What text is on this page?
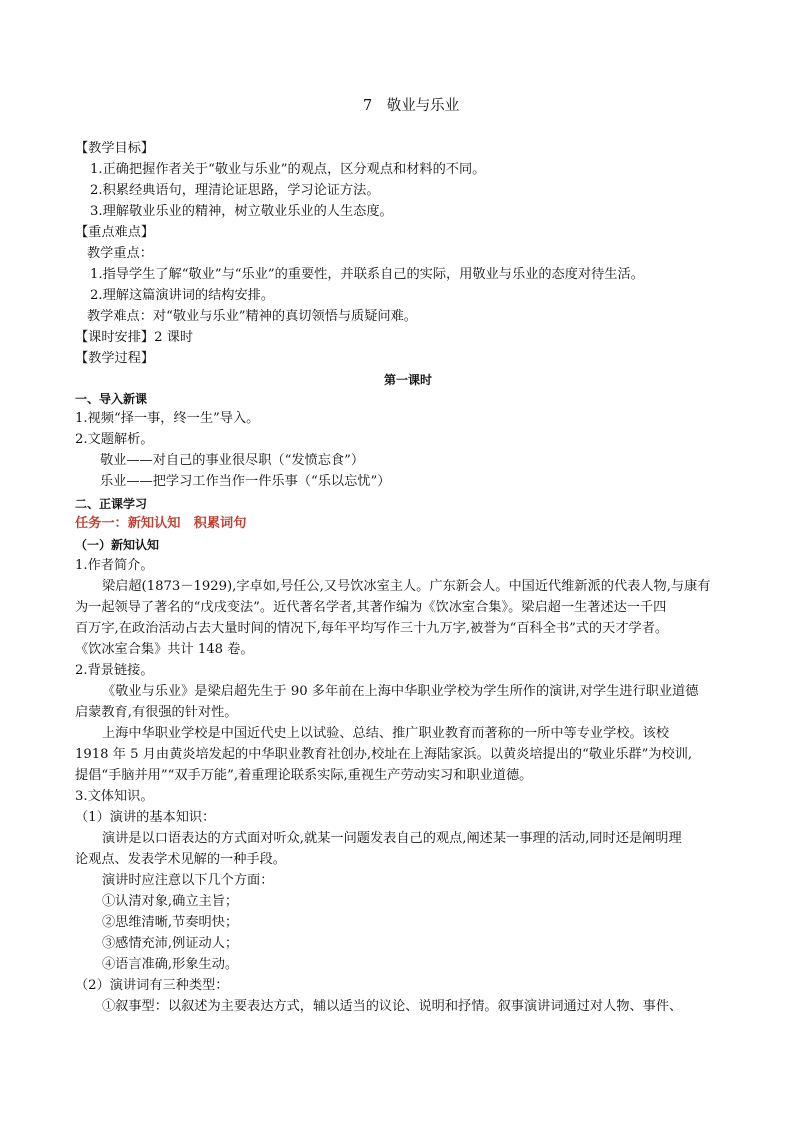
7　敬业与乐业
【教学目标】
1.正确把握作者关于“敬业与乐业”的观点，区分观点和材料的不同。
2.积累经典语句，理清论证思路，学习论证方法。
3.理解敬业乐业的精神，树立敬业乐业的人生态度。
【重点难点】
教学重点：
1.指导学生了解“敬业”与“乐业”的重要性，并联系自己的实际，用敬业与乐业的态度对待生活。
2.理解这篇演讲词的结构安排。
教学难点：对“敬业与乐业”精神的真切领悟与质疑问难。
【课时安排】2 课时
【教学过程】
第一课时
一、导入新课
1.视频“择一事，终一生”导入。
2.文题解析。
敬业——对自己的事业很尽职（“发愤忘食”）
乐业——把学习工作当作一件乐事（“乐以忘忧”）
二、正课学习
任务一：新知认知　积累词句
（一）新知认知
1.作者简介。
梁启超(1873－1929),字卓如,号任公,又号饮冰室主人。广东新会人。中国近代维新派的代表人物,与康有
为一起领导了著名的“戊戌变法”。近代著名学者,其著作编为《饮冰室合集》。梁启超一生著述达一千四
百万字,在政治活动占去大量时间的情况下,每年平均写作三十九万字,被誉为“百科全书”式的天才学者。
《饮冰室合集》共计 148 卷。
2.背景链接。
《敬业与乐业》是梁启超先生于 90 多年前在上海中华职业学校为学生所作的演讲,对学生进行职业道德
启蒙教育,有很强的针对性。
上海中华职业学校是中国近代史上以试验、总结、推广职业教育而著称的一所中等专业学校。该校
1918 年 5 月由黄炎培发起的中华职业教育社创办,校址在上海陆家浜。以黄炎培提出的“敬业乐群”为校训,
提倡“手脑并用”“双手万能”,着重理论联系实际,重视生产劳动实习和职业道德。
3.文体知识。
（1）演讲的基本知识：
演讲是以口语表达的方式面对听众,就某一问题发表自己的观点,阐述某一事理的活动,同时还是阐明理
论观点、发表学术见解的一种手段。
演讲时应注意以下几个方面：
①认清对象,确立主旨；
②思维清晰,节奏明快；
③感情充沛,例证动人；
④语言准确,形象生动。
（2）演讲词有三种类型：
①叙事型：以叙述为主要表达方式，辅以适当的议论、说明和抒情。叙事演讲词通过对人物、事件、
